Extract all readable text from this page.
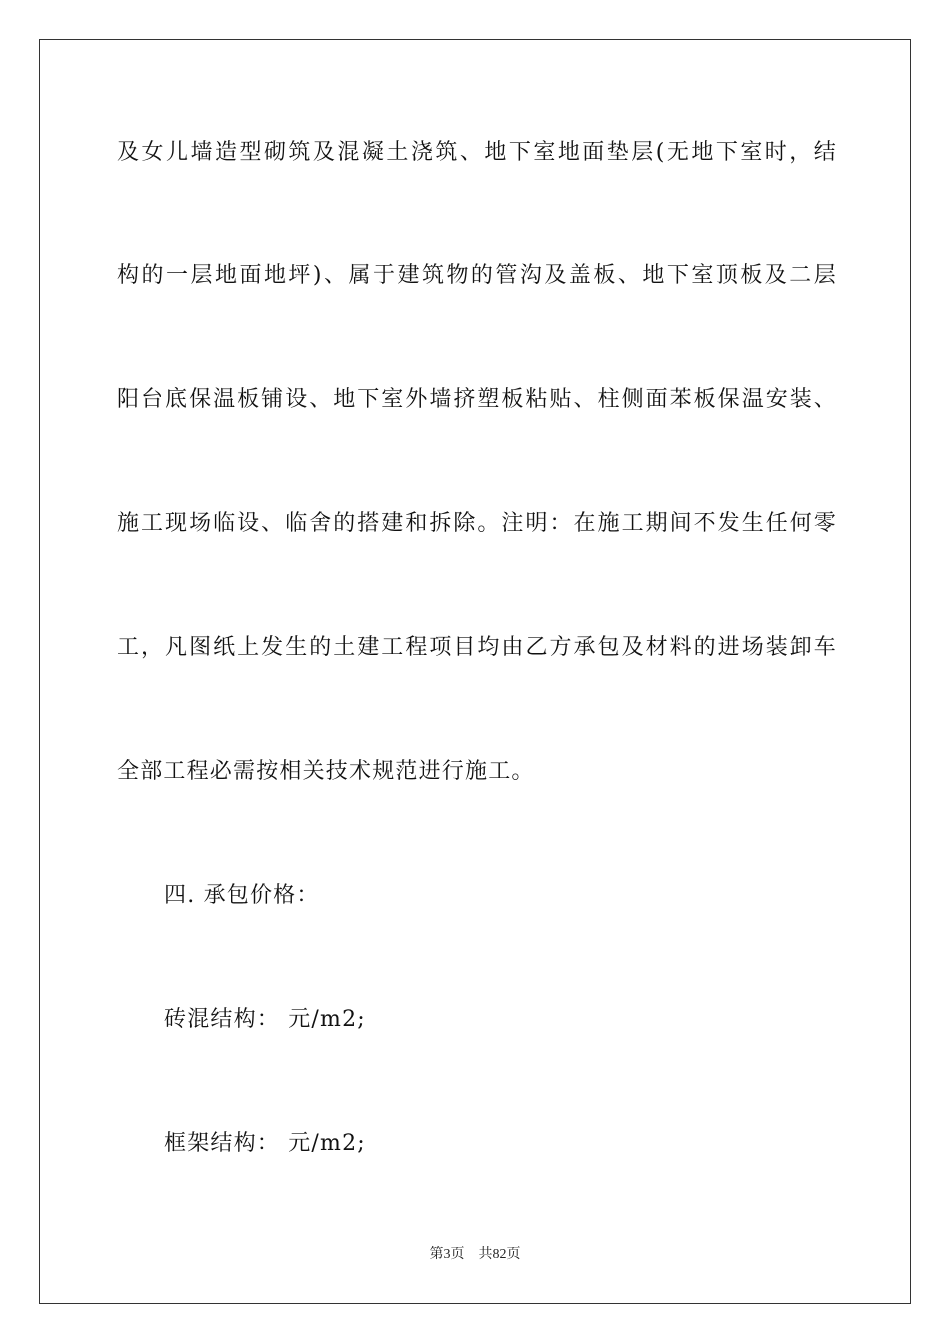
及女儿墙造型砌筑及混凝土浇筑、地下室地面垫层(无地下室时，结
构的一层地面地坪)、属于建筑物的管沟及盖板、地下室顶板及二层
阳台底保温板铺设、地下室外墙挤塑板粘贴、柱侧面苯板保温安装、
施工现场临设、临舍的搭建和拆除。注明：在施工期间不发生任何零
工，凡图纸上发生的土建工程项目均由乙方承包及材料的进场装卸车
全部工程必需按相关技术规范进行施工。
四. 承包价格：
砖混结构： 元/m2;
框架结构： 元/m2;
第3页 共82页
